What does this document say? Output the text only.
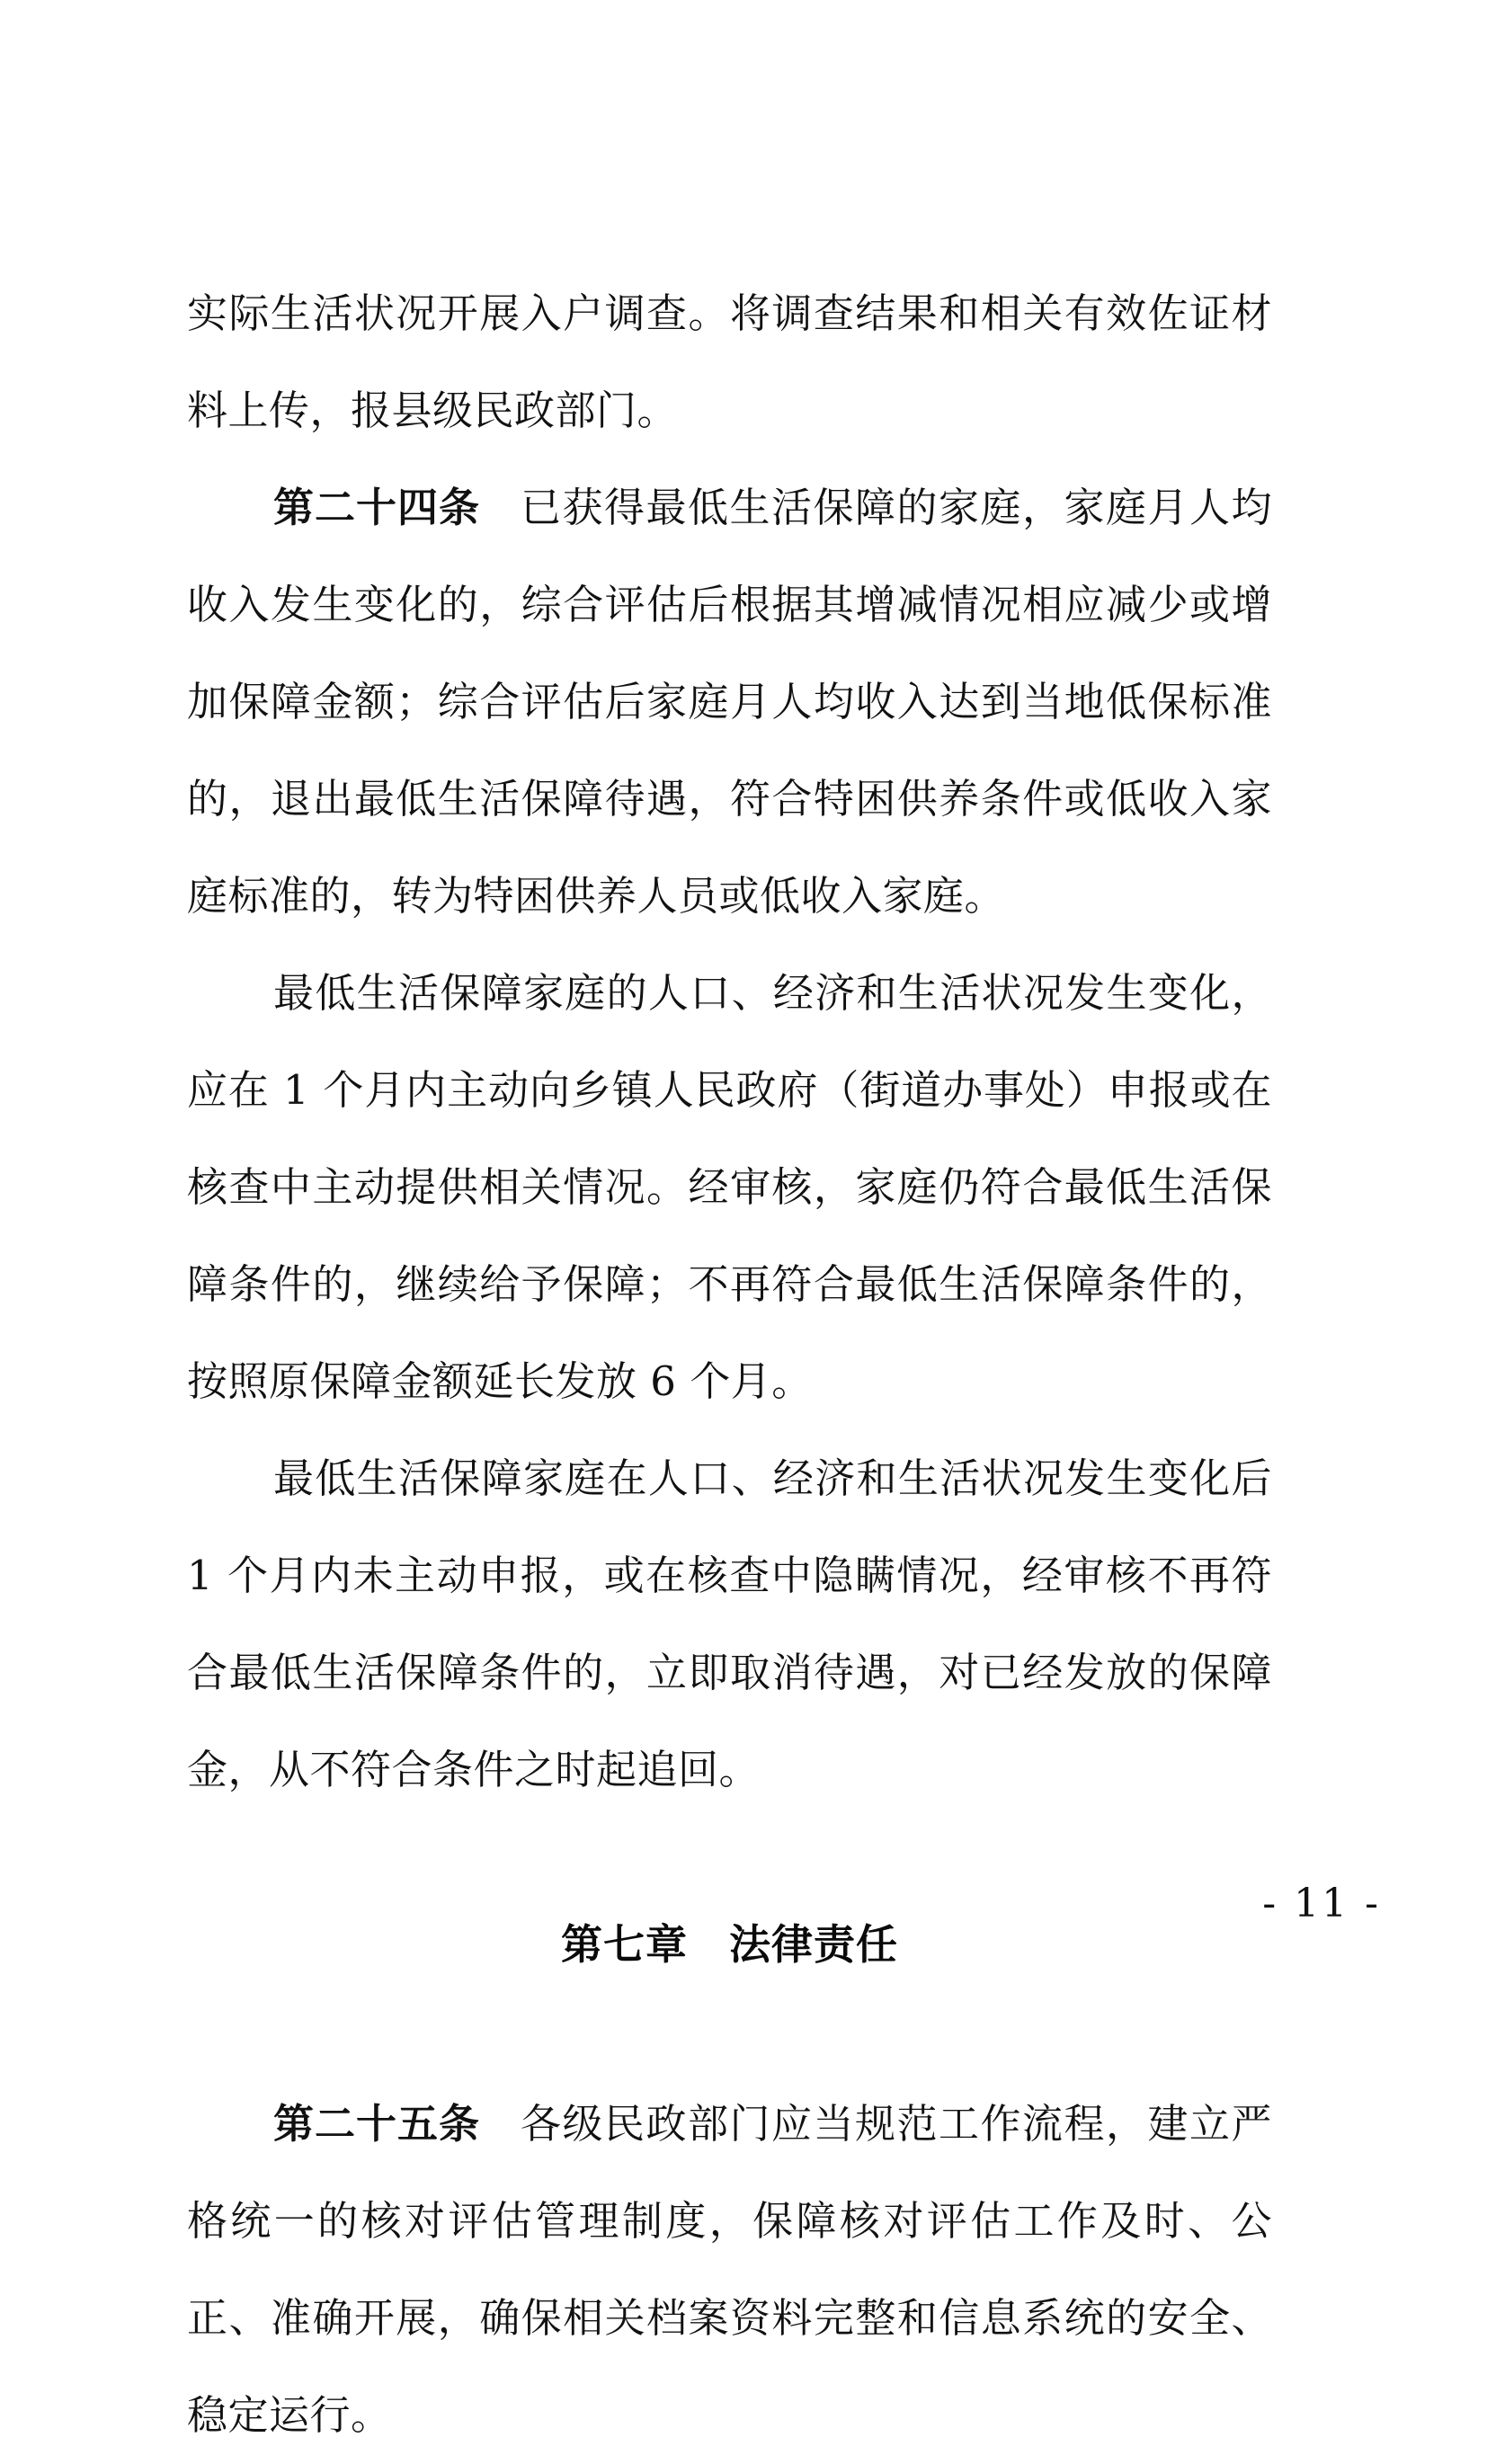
实际生活状况开展入户调查。将调查结果和相关有效佐证材料上传，报县级民政部门。

第二十四条 已获得最低生活保障的家庭，家庭月人均收入发生变化的，综合评估后根据其增减情况相应减少或增加保障金额；综合评估后家庭月人均收入达到当地低保标准的，退出最低生活保障待遇，符合特困供养条件或低收入家庭标准的，转为特困供养人员或低收入家庭。

最低生活保障家庭的人口、经济和生活状况发生变化，应在 1 个月内主动向乡镇人民政府（街道办事处）申报或在核查中主动提供相关情况。经审核，家庭仍符合最低生活保障条件的，继续给予保障；不再符合最低生活保障条件的，按照原保障金额延长发放 6 个月。

最低生活保障家庭在人口、经济和生活状况发生变化后 1 个月内未主动申报，或在核查中隐瞒情况，经审核不再符合最低生活保障条件的，立即取消待遇，对已经发放的保障金，从不符合条件之时起追回。

第七章 法律责任

第二十五条 各级民政部门应当规范工作流程，建立严格统一的核对评估管理制度，保障核对评估工作及时、公正、准确开展，确保相关档案资料完整和信息系统的安全、稳定运行。

- 11 -
